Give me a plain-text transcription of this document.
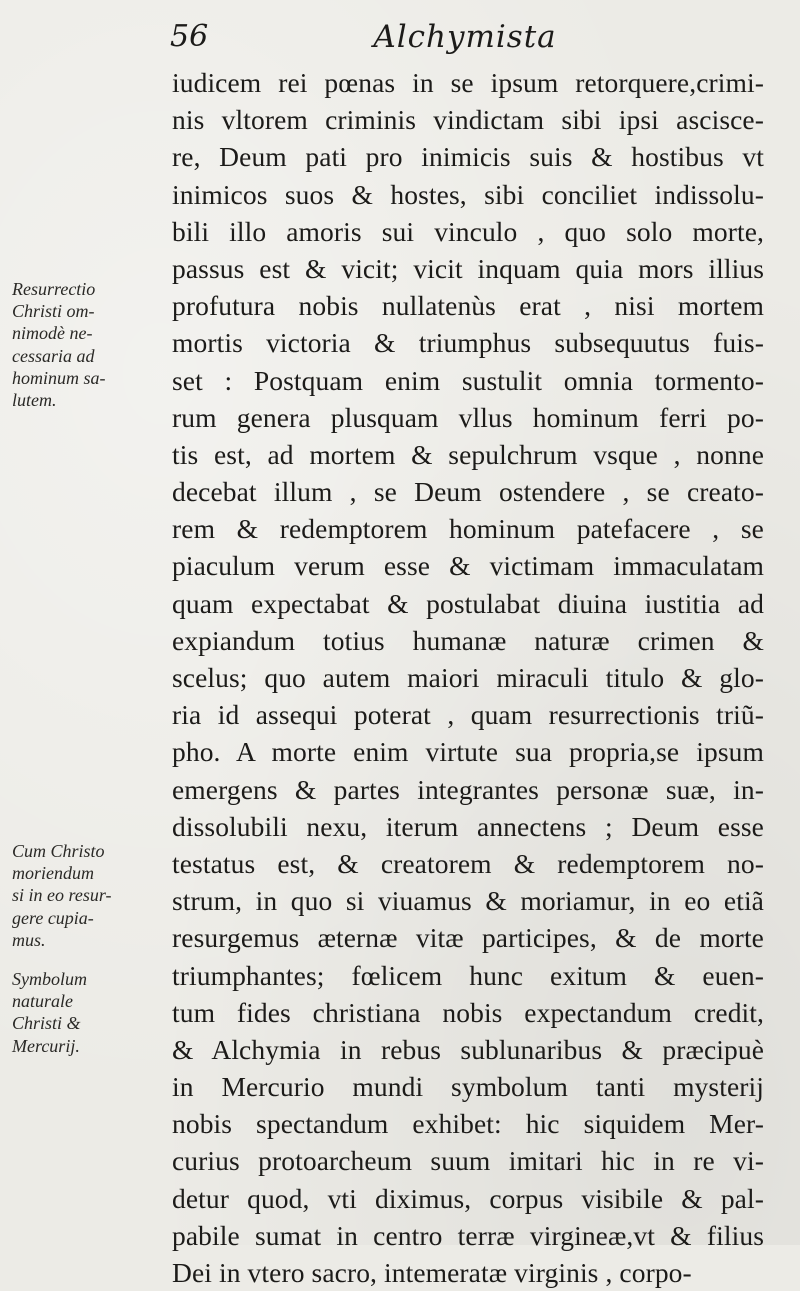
56	Alchymista
iudicem rei pœnas in se ipsum retorquere,crimi-
nis vltorem criminis vindictam sibi ipsi ascisce-
re, Deum pati pro inimicis suis & hostibus vt
inimicos suos & hostes, sibi conciliet indissolu-
bili illo amoris sui vinculo , quo solo morte,
passus est & vicit; vicit inquam quia mors illius
profutura nobis nullatenùs erat , nisi mortem
mortis victoria & triumphus subsequutus fuis-
set : Postquam enim sustulit omnia tormento-
rum genera plusquam vllus hominum ferri po-
tis est, ad mortem & sepulchrum vsque , nonne
decebat illum , se Deum ostendere , se creato-
rem & redemptorem hominum patefacere , se
piaculum verum esse & victimam immaculatam
quam expectabat & postulabat diuina iustitia ad
expiandum totius humanæ naturæ crimen &
scelus; quo autem maiori miraculi titulo & glo-
ria id assequi poterat , quam resurrectionis triũ-
pho. A morte enim virtute sua propria,se ipsum
emergens & partes integrantes personæ suæ, in-
dissolubili nexu, iterum annectens ; Deum esse
testatus est, & creatorem & redemptorem no-
strum, in quo si viuamus & moriamur, in eo etiã
resurgemus æternæ vitæ participes, & de morte
triumphantes; fœlicem hunc exitum & euen-
tum fides christiana nobis expectandum credit,
& Alchymia in rebus sublunaribus & præcipuè
in Mercurio mundi symbolum tanti mysterij
nobis spectandum exhibet: hic siquidem Mer-
curius protoarcheum suum imitari hic in re vi-
detur quod, vti diximus, corpus visibile & pal-
pabile sumat in centro terræ virgineæ,vt & filius
Dei in vtero sacro, intemeratæ virginis , corpo-
Resurrectio
Christi om-
nimodè ne-
cessaria ad
hominum sa-
lutem.
Cum Christo
moriendum
si in eo resur-
gere cupia-
mus.
Symbolum
naturale
Christi &
Mercurij.
